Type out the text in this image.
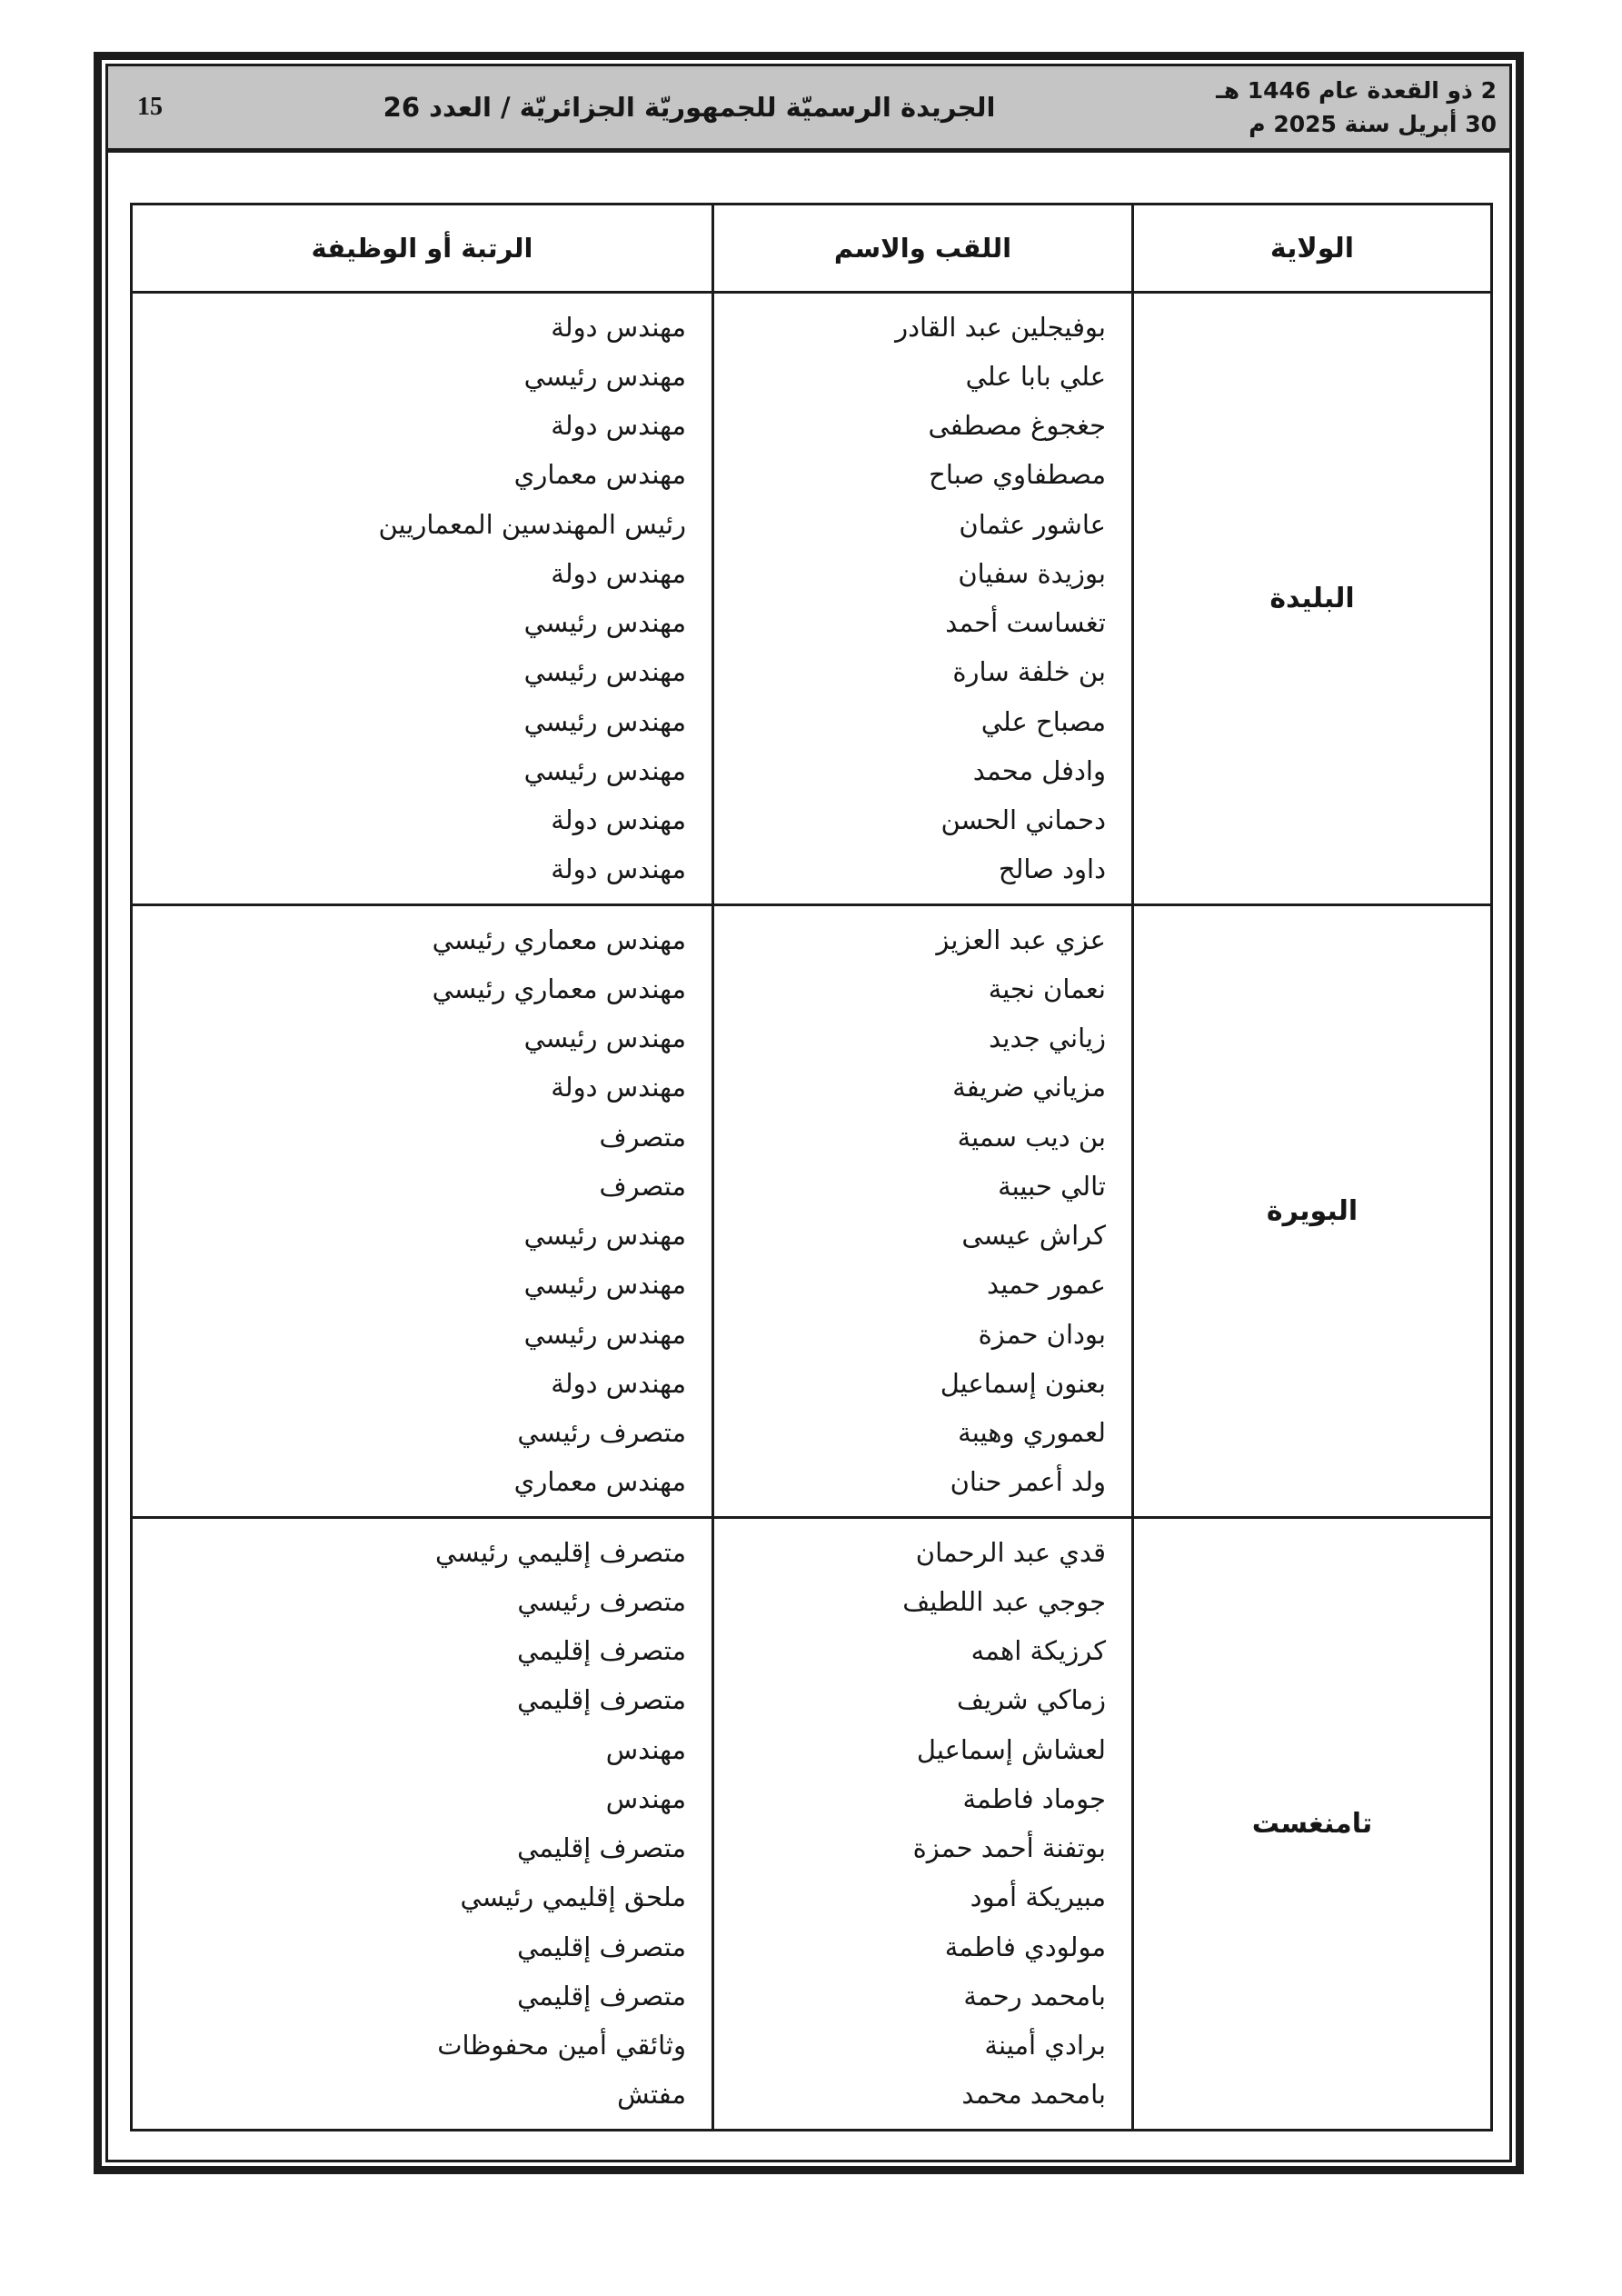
2 ذو القعدة عام 1446 هـ
30 أبريل سنة 2025 م
الجريدة الرسميّة للجمهوريّة الجزائريّة / العدد 26
15
الولاية
اللقب والاسم
الرتبة أو الوظيفة
البليدة
بوفيجلين عبد القادر
علي بابا علي
جغجوغ مصطفى
مصطفاوي صباح
عاشور عثمان
بوزيدة سفيان
تغساست أحمد
بن خلفة سارة
مصباح علي
وادفل محمد
دحماني الحسن
داود صالح
مهندس دولة
مهندس رئيسي
مهندس دولة
مهندس معماري
رئيس المهندسين المعماريين
مهندس دولة
مهندس رئيسي
مهندس رئيسي
مهندس رئيسي
مهندس رئيسي
مهندس دولة
مهندس دولة
البويرة
عزي عبد العزيز
نعمان نجية
زياني جديد
مزياني ضريفة
بن ديب سمية
تالي حبيبة
كراش عيسى
عمور حميد
بودان حمزة
بعنون إسماعيل
لعموري وهيبة
ولد أعمر حنان
مهندس معماري رئيسي
مهندس معماري رئيسي
مهندس رئيسي
مهندس دولة
متصرف
متصرف
مهندس رئيسي
مهندس رئيسي
مهندس رئيسي
مهندس دولة
متصرف رئيسي
مهندس معماري
تامنغست
قدي عبد الرحمان
جوجي عبد اللطيف
كرزيكة اهمه
زماكي شريف
لعشاش إسماعيل
جوماد فاطمة
بوتفنة أحمد حمزة
مبيريكة أمود
مولودي فاطمة
بامحمد رحمة
برادي أمينة
بامحمد محمد
متصرف إقليمي رئيسي
متصرف رئيسي
متصرف إقليمي
متصرف إقليمي
مهندس
مهندس
متصرف إقليمي
ملحق إقليمي رئيسي
متصرف إقليمي
متصرف إقليمي
وثائقي أمين محفوظات
مفتش
